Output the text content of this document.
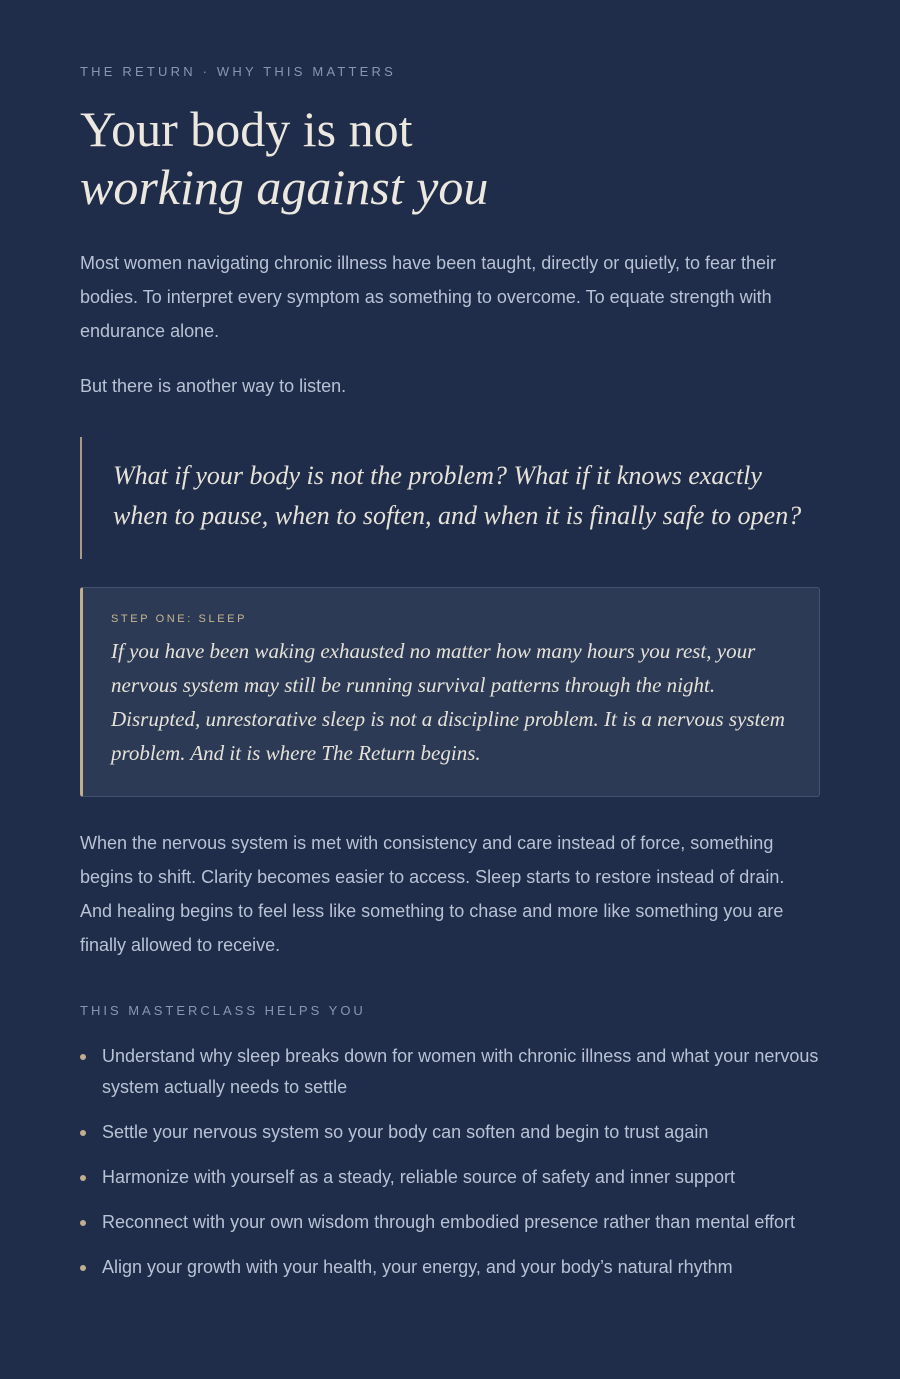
THE RETURN · WHY THIS MATTERS

Your body is not
working against you

Most women navigating chronic illness have been taught, directly or quietly, to fear their bodies. To interpret every symptom as something to overcome. To equate strength with endurance alone.

But there is another way to listen.

What if your body is not the problem? What if it knows exactly when to pause, when to soften, and when it is finally safe to open?

STEP ONE: SLEEP

If you have been waking exhausted no matter how many hours you rest, your nervous system may still be running survival patterns through the night. Disrupted, unrestorative sleep is not a discipline problem. It is a nervous system problem. And it is where The Return begins.

When the nervous system is met with consistency and care instead of force, something begins to shift. Clarity becomes easier to access. Sleep starts to restore instead of drain. And healing begins to feel less like something to chase and more like something you are finally allowed to receive.

THIS MASTERCLASS HELPS YOU

Understand why sleep breaks down for women with chronic illness and what your nervous system actually needs to settle
Settle your nervous system so your body can soften and begin to trust again
Harmonize with yourself as a steady, reliable source of safety and inner support
Reconnect with your own wisdom through embodied presence rather than mental effort
Align your growth with your health, your energy, and your body’s natural rhythm
